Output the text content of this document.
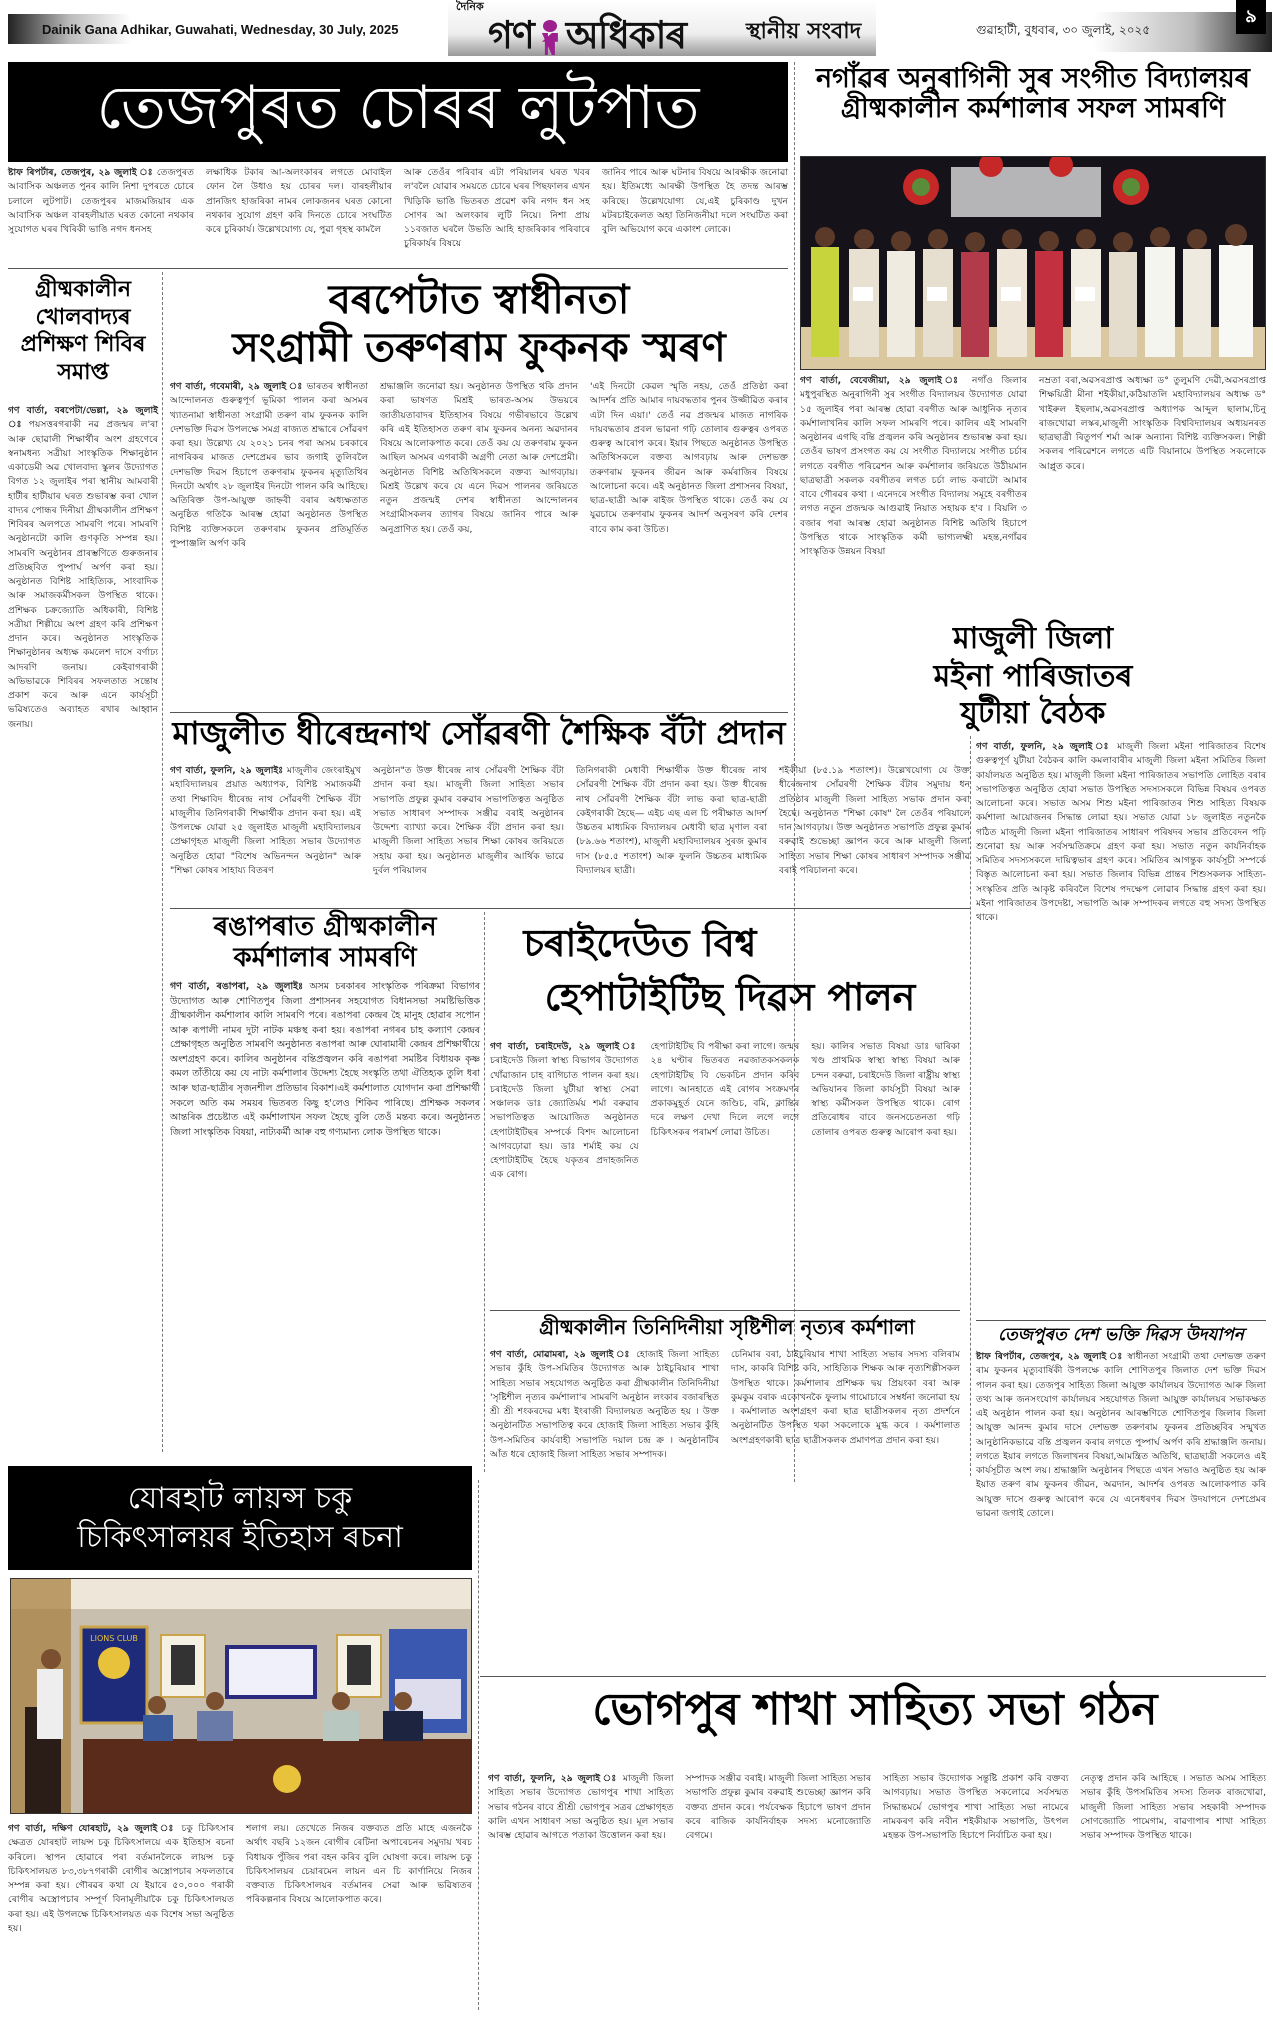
Dainik Gana Adhikar, Guwahati, Wednesday, 30 July, 2025
দৈনিক
গণ অধিকাৰ	স্থানীয় সংবাদ	গুৱাহাটী, বুধবাৰ, ৩০ জুলাই, ২০২৫
৯
তেজপুৰত চোৰৰ লুটপাত

ষ্টাফ ৰিপৰ্টাৰ, তেজপুৰ, ২৯ জুলাই ঃ তেজপুৰত আবাসিক অঞ্চলত পুনৰ কালি নিশা দুপৰতে চোৰে চলালে লুটপাট। তেজপুৰৰ মাজমজিয়াৰ এক আবাসিক অঞ্চল বাৰহলীয়াত ঘৰত কোনো নথকাৰ সুযোগত ঘৰৰ খিৰিকী ভাঙি নগদ ধনসহ

লক্ষাধিক টকাৰ আ-অলংকাৰৰ লগতে মোবাইল ফোন লৈ উধাও হয় চোৰৰ দল। বাৰহলীয়াৰ প্ৰানজিৎ হাজৰিকা নামৰ লোকজনৰ ঘৰত কোনো নথকাৰ সুযোগ গ্ৰহণ কৰি দিনতে চোৰে সংঘটিত কৰে চুৰিকাৰ্য। উল্লেখযোগ্য যে, পুৱা গৃহস্থ কামলৈ

আৰু তেওঁৰ পৰিবাৰ এটা পৰিয়ালৰ ঘৰত খবৰ ল'বলৈ যোৱাৰ সময়তে চোৰে ঘৰৰ পিছফালৰ এখন খিড়িকি ভাঙি ভিতৰত প্ৰৱেশ কৰি নগদ ধন সহ সোণৰ আ অলংকাৰ লুটি নিয়ে। নিশা প্ৰায় ১১বজাত ঘৰলৈ উভতি আহি হাজৰিকাৰ পৰিবাৰে চুৰিকাৰ্যৰ বিষয়ে

জানিব পাৰে আৰু ঘটনাৰ বিষয়ে আৰক্ষীক জনোৱা হয়। ইতিমধ্যে আৰক্ষী উপস্থিত হৈ তদন্ত আৰম্ভ কৰিছে। উল্লেখযোগ্য যে,এই চুৰিকাণ্ড দুখন মটৰচাইকেলত অহা তিনিজনীয়া দলে সংঘটিত কৰা বুলি অভিযোগ কৰে একাংশ লোকে।

নগাঁৱৰ অনুৰাগিনী সুৰ সংগীত বিদ্যালয়ৰ
গ্ৰীষ্মকালীন কৰ্মশালাৰ সফল সামৰণি

গণ বাৰ্তা, বেবেজীয়া, ২৯ জুলাই ঃ নগাঁও জিলাৰ মধুপুৰস্থিত অনুৰাগিনী সুৰ সংগীত বিদ্যালয়ৰ উদ্যোগত যোৱা ১৫ জুলাইৰ পৰা আৰম্ভ হোৱা বৰগীত আৰু আধুনিক নৃত্যৰ কৰ্মশালাখনিৰ কালি সফল সামৰণি পৰে। কালিৰ এই সামৰণি অনুষ্ঠানৰ এগছি বন্তি প্ৰজ্বলন কৰি অনুষ্ঠানৰ শুভাৰম্ভ কৰা হয়। তেওঁৰ ভাষণ প্ৰসংগত কয় যে সংগীত বিদ্যালয়ে সংগীত চৰ্চাৰ লগতে বৰগীত পৰিৱেশন আৰু কৰ্মশালাৰ জৰিয়তে উঠীয়মান ছাত্ৰছাত্ৰী সকলক বৰগীতৰ লগত চৰ্চা লাভ কৰাটো আমাৰ বাবে গৌৰৱৰ কথা । এনেদৰে সংগীত বিদ্যালয় সমূহে বৰগীতৰ লগত নতুন প্ৰজন্মক আগুৱাই নিয়াত সহায়ক হ'ব । বিয়লি ৩ বজাৰ পৰা আৰম্ভ হোৱা অনুষ্ঠানত বিশিষ্ট অতিথি হিচাপে উপস্থিত থাকে সাংস্কৃতিক কৰ্মী ভাগ্যলক্ষ্মী মহন্ত,নগাঁৱৰ সাংস্কৃতিক উন্নয়ন বিষয়া

নম্ৰতা বৰা,অৱসৰপ্ৰাপ্ত অধ্যক্ষা ড° তুলুমণি দেৱী,অৱসৰপ্ৰাপ্ত শিক্ষয়িত্ৰী মীনা শইকীয়া,কঠিয়াতলি মহাবিদ্যালয়ৰ অধ্যক্ষ ড° খাইৰুল ইছলাম,অৱসৰপ্ৰাপ্ত অধ্যাপক আব্দুল ছালাম,চিনু ৰাজখোৱা লস্কৰ,মাজুলী সাংস্কৃতিক বিশ্ববিদ্যালয়ৰ অধ্যয়নৰত ছাত্ৰছাত্ৰী ৰিতুপৰ্ণ শৰ্মা আৰু অন্যান্য বিশিষ্ট ব্যক্তিসকল। শিল্পী সকলৰ পৰিৱেশনে লগতে এটি বিয়ানামে উপস্থিত সকলোকে আপ্লুত কৰে।

গ্ৰীষ্মকালীন খোলবাদ্যৰ প্ৰশিক্ষণ শিবিৰ সমাপ্ত

গণ বাৰ্তা, বৰপেটা/ভেল্লা, ২৯ জুলাই ঃ পয়সত্তৰগৰাকী নৱ প্ৰজন্মৰ ল'ৰা আৰু ছোৱালী শিক্ষাৰ্থীৰ অংশ গ্ৰহণেৰে স্বনামধন্য সত্ৰীয়া সাংস্কৃতিক শিক্ষানুষ্ঠান একাডেমী অৱ খোলবাদ্য স্কুলৰ উদ্যোগত বিগত ১২ জুলাইৰ পৰা স্থানীয় আমবাৰী হাটীৰ হাটীয়াৰ ঘৰত শুভাৰম্ভ কৰা খোল বাদ্যৰ পোন্ধৰ দিনীয়া গ্ৰীষ্মকালীন প্ৰশিক্ষণ শিবিৰৰ অলপতে সামৰণি পৰে। সামৰণি অনুষ্ঠানটো কালি গুণকৃতি সম্পন্ন হয়। সামৰণি অনুষ্ঠানৰ প্ৰাৰম্ভণিতে গুৰুজনাৰ প্ৰতিচ্ছবিত পুষ্পাৰ্ঘ অৰ্পণ কৰা হয়। অনুষ্ঠানত বিশিষ্ট সাহিত্যিক, সাংবাদিক আৰু সমাজকৰ্মীসকল উপস্থিত থাকে। প্ৰশিক্ষক চক্ৰজ্যোতি অধিকাৰী, বিশিষ্ট সত্ৰীয়া শিল্পীয়ে অংশ গ্ৰহণ কৰি প্ৰশিক্ষণ প্ৰদান কৰে। অনুষ্ঠানত সাংস্কৃতিক শিক্ষানুষ্ঠানৰ অধ্যক্ষ কমলেশ দাসে বৰ্ণাঢ্য আদৰণি জনায়। কেইবাগৰাকী অভিভাৱকে শিবিৰৰ সফলতাত সন্তোষ প্ৰকাশ কৰে আৰু এনে কাৰ্যসূচী ভৱিষ্যতেও অব্যাহত ৰখাৰ আহ্বান জনায়।

বৰপেটাত স্বাধীনতা
সংগ্ৰামী তৰুণৰাম ফুকনক স্মৰণ

গণ বাৰ্তা, গবেমাৰী, ২৯ জুলাই ঃ ভাৰতৰ স্বাধীনতা আন্দোলনত গুৰুত্বপূৰ্ণ ভূমিকা পালন কৰা অসমৰ খ্যাতনামা স্বাধীনতা সংগ্ৰামী তৰুণ ৰাম ফুকনক কালি দেশভক্তি দিৱস উপলক্ষে সমগ্ৰ ৰাজ্যত শ্ৰদ্ধাৰে সোঁৱৰণ কৰা হয়। উল্লেখ্য যে ২০২১ চনৰ পৰা অসম চৰকাৰে নাগৰিকৰ মাজত দেশপ্ৰেমৰ ভাব জগাই তুলিবলৈ দেশভক্তি দিৱস হিচাপে তৰুণৰাম ফুকনৰ মৃত্যুতিথিৰ দিনটো অৰ্থাৎ ২৮ জুলাইৰ দিনটো পালন কৰি আহিছে। অতিৰিক্ত উপ-আয়ুক্ত জাহ্নবী বৰাৰ অধ্যক্ষতাত অনুষ্ঠিত গতিকৈ আৰম্ভ হোৱা অনুষ্ঠানত উপস্থিত বিশিষ্ট ব্যক্তিসকলে তৰুণৰাম ফুকনৰ প্ৰতিমূৰ্তিত পুষ্পাঞ্জলি অৰ্পণ কৰি

শ্ৰদ্ধাঞ্জলি জনোৱা হয়। অনুষ্ঠানত উপস্থিত থকি প্ৰদান কৰা ভাষণত মিশ্ৰই ভাৰত-অসম উভয়ৰে জাতীয়তাবাদৰ ইতিহাসৰ বিষয়ে গভীৰভাবে উল্লেখ কৰি এই ইতিহাসত তৰুণ ৰাম ফুকনৰ অনন্য অৱদানৰ বিষয়ে আলোকপাত কৰে। তেওঁ কয় যে তৰুণৰাম ফুকন আছিল অসমৰ এগৰাকী অগ্ৰণী নেতা আৰু দেশপ্ৰেমী। অনুষ্ঠানত বিশিষ্ট অতিথিসকলে বক্তব্য আগবঢ়ায়। মিশ্ৰই উল্লেখ কৰে যে এনে দিৱস পালনৰ জৰিয়তে নতুন প্ৰজন্মই দেশৰ স্বাধীনতা আন্দোলনৰ সংগ্ৰামীসকলৰ ত্যাগৰ বিষয়ে জানিব পাৰে আৰু অনুপ্ৰাণিত হয়। তেওঁ কয়,

'এই দিনটো কেৱল স্মৃতি নহয়, তেওঁ প্ৰতিষ্ঠা কৰা আদৰ্শৰ প্ৰতি আমাৰ দায়বদ্ধতাৰ পুনৰ উজ্জীৱিত কৰাৰ এটা দিন এয়া।' তেওঁ নৱ প্ৰজন্মৰ মাজত নাগৰিক দায়বদ্ধতাৰ প্ৰবল ভাৱনা গঢ়ি তোলাৰ গুৰুত্বৰ ওপৰত গুৰুত্ব আৰোপ কৰে। ইয়াৰ পিছতে অনুষ্ঠানত উপস্থিত অতিথিসকলে বক্তব্য আগবঢ়ায় আৰু দেশভক্ত তৰুণৰাম ফুকনৰ জীৱন আৰু কৰ্মৰাজিৰ বিষয়ে আলোচনা কৰে। এই অনুষ্ঠানত জিলা প্ৰশাসনৰ বিষয়া, ছাত্ৰ-ছাত্ৰী আৰু ৰাইজ উপস্থিত থাকে। তেওঁ কয় যে যুৱচামে তৰুণৰাম ফুকনৰ আদৰ্শ অনুসৰণ কৰি দেশৰ বাবে কাম কৰা উচিত।

মাজুলীত ধীৰেন্দ্ৰনাথ সোঁৱৰণী শৈক্ষিক বঁটা প্ৰদান

গণ বাৰ্তা, ফুলনি, ২৯ জুলাইঃ মাজুলীৰ জেংৰাইমুখ মহাবিদ্যালয়ৰ প্ৰয়াত অধ্যাপক, বিশিষ্ট সমাজকৰ্মী তথা শিক্ষাবিদ ধীৰেন্দ্ৰ নাথ সোঁৱৰণী শৈক্ষিক বঁটা মাজুলীৰ তিনিগৰাকী শিক্ষাৰ্থীক প্ৰদান কৰা হয়। এই উপলক্ষে যোৱা ২৫ জুলাইত মাজুলী মহাবিদ্যালয়ৰ প্ৰেক্ষাগৃহত মাজুলী জিলা সাহিত্য সভাৰ উদ্যোগত অনুষ্ঠিত হোৱা "বিশেষ অভিনন্দন অনুষ্ঠান" আৰু "শিক্ষা কোষৰ সাহায্য বিতৰণ

অনুষ্ঠান"ত উক্ত ধীৰেন্দ্ৰ নাথ সোঁৱৰণী শৈক্ষিক বঁটা প্ৰদান কৰা হয়। মাজুলী জিলা সাহিত্য সভাৰ সভাপতি প্ৰফুল্ল কুমাৰ বৰুৱাৰ সভাপতিত্বত অনুষ্ঠিত সভাত সাধাৰণ সম্পাদক সঞ্জীৱ বৰাই অনুষ্ঠানৰ উদ্দেশ্য ব্যাখ্যা কৰে। শৈক্ষিক বঁটা প্ৰদান কৰা হয়। মাজুলী জিলা সাহিত্য সভাৰ শিক্ষা কোষৰ জৰিয়তে সহায় কৰা হয়। অনুষ্ঠানত মাজুলীৰ আৰ্থিক ভাৱে দুৰ্বল পৰিয়ালৰ

তিনিগৰাকী মেধাবী শিক্ষাৰ্থীক উক্ত ধীৰেন্দ্ৰ নাথ সোঁৱৰণী শৈক্ষিক বঁটা প্ৰদান কৰা হয়। উক্ত ধীৰেন্দ্ৰ নাথ সোঁৱৰণী শৈক্ষিক বঁটা লাভ কৰা ছাত্ৰ-ছাত্ৰী কেইগৰাকী হৈছে— এইচ এছ এল চি পৰীক্ষাত আদৰ্শ উচ্চতৰ মাধ্যমিক বিদ্যালয়ৰ মেধাবী ছাত্ৰ মৃণাল বৰা (৮৯.৬৬ শতাংশ), মাজুলী মহাবিদ্যালয়ৰ সুৰজ কুমাৰ দাস (৮৫.৫ শতাংশ) আৰু ফুলনি উচ্চতৰ মাধ্যমিক বিদ্যালয়ৰ ছাত্ৰী।

শইকীয়া (৮৫.১৯ শতাংশ)। উল্লেখযোগ্য যে উক্ত ধীৰেন্দ্ৰনাথ সোঁৱৰণী শৈক্ষিক বঁটাৰ সমুদায় ধন প্ৰতিষ্ঠাৰ মাজুলী জিলা সাহিত্য সভাক প্ৰদান কৰা হৈছে। অনুষ্ঠানত "শিক্ষা কোষ" লৈ তেওঁৰ পৰিয়ালে দান আগবঢ়ায়। উক্ত অনুষ্ঠানত সভাপতি প্ৰফুল্ল কুমাৰ বৰুৱাই শুভেচ্ছা জ্ঞাপন কৰে আৰু মাজুলী জিলা সাহিত্য সভাৰ শিক্ষা কোষৰ সাধাৰণ সম্পাদক সঞ্জীৱ বৰাই পৰিচালনা কৰে।

ৰঙাপৰাত গ্ৰীষ্মকালীন
কৰ্মশালাৰ সামৰণি

গণ বাৰ্তা, ৰঙাপৰা, ২৯ জুলাইঃ অসম চৰকাৰৰ সাংস্কৃতিক পৰিক্ৰমা বিভাগৰ উদ্যোগত আৰু শোণিতপুৰ জিলা প্ৰশাসনৰ সহযোগত বিধানসভা সমষ্টিভিত্তিক গ্ৰীষ্মকালীন কৰ্মশালাৰ কালি সামৰণি পৰে। ৰঙাপৰা কেন্দ্ৰৰ হৈ মানুহ হোৱাৰ সপোন আৰু ৰূপালী নামৰ দুটা নাটক মঞ্চস্থ কৰা হয়। ৰঙাপৰা নগৰৰ চাহ কল্যাণ কেন্দ্ৰৰ প্ৰেক্ষাগৃহত অনুষ্ঠিত সামৰণি অনুষ্ঠানত ৰঙাপৰা আৰু ঘোৰামাৰী কেন্দ্ৰৰ প্ৰশিক্ষাৰ্থীয়ে অংশগ্ৰহণ কৰে। কালিৰ অনুষ্ঠানৰ বন্তিপ্ৰজ্বলন কৰি ৰঙাপৰা সমষ্টিৰ বিধায়ক কৃষ্ণ কমল তাঁতীয়ে কয় যে নাট্য কৰ্মশালাৰ উদ্দেশ্য হৈছে সংস্কৃতি তথা ঐতিহ্যক তুলি ধৰা আৰু ছাত্ৰ-ছাত্ৰীৰ সৃজনশীল প্ৰতিভাৰ বিকাশ।এই কৰ্মশালাত যোগদান কৰা প্ৰশিক্ষাৰ্থী সকলে অতি কম সময়ৰ ভিতৰত কিছু হ'লেও শিকিব পাৰিছে। প্ৰশিক্ষক সকলৰ আন্তৰিক প্ৰচেষ্টাত এই কৰ্মশালাখন সফল হৈছে বুলি তেওঁ মন্তব্য কৰে। অনুষ্ঠানত জিলা সাংস্কৃতিক বিষয়া, নাট্যকৰ্মী আৰু বহু গণ্যমান্য লোক উপস্থিত থাকে।

চৰাইদেউত বিশ্ব
হেপাটাইটিছ দিৱস পালন

গণ বাৰ্তা, চৰাইদেউ, ২৯ জুলাই ঃ চৰাইদেউ জিলা স্বাস্থ্য বিভাগৰ উদ্যোগত খোঁৱাজান চাহ বাগিচাত পালন কৰা হয়। চৰাইদেউ জিলা যুটীয়া স্বাস্থ্য সেৱা সঞ্চালক ডাঃ জ্যোতিৰ্ময় শৰ্মা বৰুৱাৰ সভাপতিত্বত আয়োজিত অনুষ্ঠানত হেপাটাইটিছৰ সম্পৰ্কে বিশদ আলোচনা আগবঢ়োৱা হয়। ডাঃ শৰ্মাই কয় যে হেপাটাইটিছ হৈছে যকৃতৰ প্ৰদাহজনিত এক ৰোগ।

হেপাটাইটিছ বি পৰীক্ষা কৰা লাগে। জন্মৰ ২৪ ঘণ্টাৰ ভিতৰত নৱজাতকসকলক হেপাটাইটিছ বি ভেকচিন প্ৰদান কৰিব লাগে। আনহাতে এই ৰোগৰ সংক্ৰমণৰ প্ৰকাকমুহূৰ্ত যেনে জণ্ডিচ, বমি, ক্লান্তিৰ দৰে লক্ষণ দেখা দিলে লগে লগে চিকিৎসকৰ পৰামৰ্শ লোৱা উচিত।

হয়। কালিৰ সভাত বিষয়া ডাঃ দ্বাৰিকা খণ্ড প্ৰাথমিক স্বাস্থ্য স্বাস্থ্য বিষয়া আৰু চন্দন বৰুৱা, চৰাইদেউ জিলা ৰাষ্ট্ৰীয় স্বাস্থ্য অভিযানৰ জিলা কাৰ্যসূচী বিষয়া আৰু স্বাস্থ্য কৰ্মীসকল উপস্থিত থাকে। ৰোগ প্ৰতিৰোধৰ বাবে জনসচেতনতা গঢ়ি তোলাৰ ওপৰত গুৰুত্ব আৰোপ কৰা হয়।

মাজুলী জিলা
মইনা পাৰিজাতৰ
যুটীয়া বৈঠক

গণ বাৰ্তা, ফুলনি, ২৯ জুলাই ঃ মাজুলী জিলা মইনা পাৰিজাতৰ বিশেষ গুৰুত্বপূৰ্ণ যুটীয়া বৈঠকৰ কালি কমলাবাৰীৰ মাজুলী জিলা মইনা সমিতিৰ জিলা কাৰ্যালয়ত অনুষ্ঠিত হয়। মাজুলী জিলা মইনা পাৰিজাতৰ সভাপতি লোহিত বৰাৰ সভাপতিত্বত অনুষ্ঠিত হোৱা সভাত উপস্থিত সদস্যসকলে বিভিন্ন বিষয়ৰ ওপৰত আলোচনা কৰে। সভাত অসম শিশু মইনা পাৰিজাতৰ শিশু সাহিত্য বিষয়ক কৰ্মশালা আয়োজনৰ সিদ্ধান্ত লোৱা হয়। সভাত যোৱা ১৮ জুলাইত নতুনকৈ গঠিত মাজুলী জিলা মইনা পাৰিজাতৰ সাধাৰণ পৰিষদৰ সভাৰ প্ৰতিবেদন পঢ়ি শুনোৱা হয় আৰু সৰ্বসন্মতিক্ৰমে গ্ৰহণ কৰা হয়। সভাত নতুন কাৰ্যনিৰ্বাহক সমিতিৰ সদস্যসকলে দায়িত্বভাৰ গ্ৰহণ কৰে। সমিতিৰ আগন্তুক কাৰ্যসূচী সম্পৰ্কে বিস্তৃত আলোচনা কৰা হয়। সভাত জিলাৰ বিভিন্ন প্ৰান্তৰ শিশুসকলক সাহিত্য-সংস্কৃতিৰ প্ৰতি আকৃষ্ট কৰিবলৈ বিশেষ পদক্ষেপ লোৱাৰ সিদ্ধান্ত গ্ৰহণ কৰা হয়। মইনা পাৰিজাতৰ উপদেষ্টা, সভাপতি আৰু সম্পাদকৰ লগতে বহু সদস্য উপস্থিত থাকে।

তেজপুৰত দেশ ভক্তি দিৱস উদযাপন

ষ্টাফ ৰিপৰ্টাৰ, তেজপুৰ, ২৯ জুলাই ঃ স্বাধীনতা সংগ্ৰামী তথা দেশভক্ত তৰুণ ৰাম ফুকনৰ মৃত্যুবাৰ্ষিকী উপলক্ষে কালি শোণিতপুৰ জিলাত দেশ ভক্তি দিৱস পালন কৰা হয়। তেজপুৰ সাহিত্য জিলা আয়ুক্ত কাৰ্যালয়ৰ উদ্যোগত আৰু জিলা তথ্য আৰু জনসংযোগ কাৰ্যালয়ৰ সহযোগত জিলা আয়ুক্ত কাৰ্যালয়ৰ সভাকক্ষত এই অনুষ্ঠান পালন কৰা হয়। অনুষ্ঠানৰ আৰম্ভণিতে শোণিতপুৰ জিলাৰ জিলা আয়ুক্ত আনন্দ কুমাৰ দাসে দেশভক্ত তৰুণৰাম ফুকনৰ প্ৰতিচ্ছবিৰ সন্মুখত আনুষ্ঠানিকভাৱে বন্তি প্ৰজ্বলন কৰাৰ লগতে পুষ্পাৰ্ঘ অৰ্পণ কৰি শ্ৰদ্ধাঞ্জলি জনায়। লগতে ইয়াৰ লগতে জিলাখনৰ বিষয়া,আমন্ত্ৰিত অতিথি, ছাত্ৰছাত্ৰী সকলেও এই কাৰ্যসূচীত অংশ লয়। শ্ৰদ্ধাঞ্জলি অনুষ্ঠানৰ পিছতে এখন সভাও অনুষ্ঠিত হয় আৰু ইয়াত তৰুণ ৰাম ফুকনৰ জীৱন, অৱদান, আদৰ্শৰ ওপৰত আলোকপাত কৰি আয়ুক্ত দাসে গুৰুত্ব আৰোপ কৰে যে এনেধৰণৰ দিৱস উদযাপনে দেশপ্ৰেমৰ ভাৱনা জগাই তোলে।

গ্ৰীষ্মকালীন তিনিদিনীয়া সৃষ্টিশীল নৃত্যৰ কৰ্মশালা

গণ বাৰ্তা, মোৱামৰা, ২৯ জুলাই ঃ হোজাই জিলা সাহিত্য সভাৰ কুঁহি উপ-সমিতিৰ উদ্যোগত আৰু ঠাইচুৰিয়াৰ শাখা সাহিত্য সভাৰ সহযোগত অনুষ্ঠিত কৰা গ্ৰীষ্মকালীন তিনিদিনীয়া 'সৃষ্টিশীল নৃত্যৰ কৰ্মশালা'ৰ সামৰণি অনুষ্ঠান লংকাৰ বজাৰস্থিত শ্ৰী শ্ৰী শংকৰদেৱ মধ্য ইংৰাজী বিদ্যালয়ত অনুষ্ঠিত হয় । উক্ত অনুষ্ঠানটিত সভাপতিত্ব কৰে হোজাই জিলা সাহিত্য সভাৰ কুঁহি উপ-সমিতিৰ কাৰ্যবাহী সভাপতি দয়াল চন্দ্ৰ ক্ৰ । অনুষ্ঠানটিৰ আঁত ধৰে হোজাই জিলা সাহিত্য সভাৰ সম্পাদক।

চেনিমাৰ বৰা, ঠাইচুৰিয়াৰ শাখা সাহিত্য সভাৰ সদস্য বলিৰাম দাস, কাকৰি বিশিষ্ট কবি, সাহিত্যিক শিক্ষক আৰু নৃত্যশিল্পীসকল উপস্থিত থাকে। কৰ্মশালাৰ প্ৰশিক্ষক দ্বয় প্ৰিয়ংকা বৰা আৰু কুমকুম বৰাক একোখনকৈ ফুলাম গামোচাৰে সম্বৰ্ধনা জনোৱা হয় । কৰ্মশালাত অংশগ্ৰহণ কৰা ছাত্ৰ ছাত্ৰীসকলৰ নৃত্য প্ৰদৰ্শনে অনুষ্ঠানটিত উপস্থিত থকা সকলোকে মুগ্ধ কৰে । কৰ্মশালাত অংশগ্ৰহণকাৰী ছাত্ৰ ছাত্ৰীসকলক প্ৰমাণপত্ৰ প্ৰদান কৰা হয়।

যোৰহাট লায়ন্স চকু
চিকিৎসালয়ৰ ইতিহাস ৰচনা
LIONS CLUB

গণ বাৰ্তা, দক্ষিণ যোৰহাট, ২৯ জুলাই ঃ চকু চিকিৎসাৰ ক্ষেত্ৰত যোৰহাট লায়ন্স চকু চিকিৎসালয়ে এক ইতিহাস ৰচনা কৰিলে। স্থাপন হোৱাৰে পৰা বৰ্তমানলৈকে লায়ন্স চকু চিকিৎসালয়ত ৮৩,৩৮৭গৰাকী ৰোগীৰ অস্ত্ৰোপচাৰ সফলতাৰে সম্পন্ন কৰা হয়। গৌৰৱৰ কথা যে ইয়াৰে ৫০,০০০ গৰাকী ৰোগীৰ অস্ত্ৰোপচাৰ সম্পূৰ্ণ বিনামূলীয়াকৈ চকু চিকিৎসালয়ত কৰা হয়। এই উপলক্ষে চিকিৎসালয়ত এক বিশেষ সভা অনুষ্ঠিত হয়।

শলাগ লয়। তেখেতে নিজৰ বক্তব্যত প্ৰতি মাহে এজনকৈ অৰ্থাৎ বছৰি ১২জন ৰোগীৰ ৰেটিনা অপাৰেচনৰ সমুদায় খৰচ বিধায়ক পুঁজিৰ পৰা বহন কৰিব বুলি ঘোষণা কৰে। লায়ন্স চকু চিকিৎসালয়ৰ চেয়াৰমেন লায়ন এন চি কাৰ্ণানিয়ে নিজৰ বক্তব্যত চিকিৎসালয়ৰ বৰ্তমানৰ সেৱা আৰু ভৱিষ্যতৰ পৰিকল্পনাৰ বিষয়ে আলোকপাত কৰে।

ভোগপুৰ শাখা সাহিত্য সভা গঠন

গণ বাৰ্তা, ফুলনি, ২৯ জুলাই ঃ মাজুলী জিলা সাহিত্য সভাৰ উদ্যোগত ভোগপুৰ শাখা সাহিত্য সভাৰ গঠনৰ বাবে শ্ৰীশ্ৰী ভোগপুৰ সত্ৰৰ প্ৰেক্ষাগৃহত কালি এখন সাধাৰণ সভা অনুষ্ঠিত হয়। মূল সভাৰ আৰম্ভ হোৱাৰ আগতে পতাকা উত্তোলন কৰা হয়।

সম্পাদক সঞ্জীৱ বৰাই। মাজুলী জিলা সাহিত্য সভাৰ সভাপতি প্ৰফুল্ল কুমাৰ বৰুৱাই শুভেচ্ছা জ্ঞাপন কৰি বক্তব্য প্ৰদান কৰে। পৰ্যবেক্ষক হিচাপে ভাষণ প্ৰদান কৰে ৰাজিক কাৰ্যনিৰ্বাহক সদস্য মনোজ্যোতি বেগমে।

সাহিত্য সভাৰ উদ্যোগক সন্তুষ্টি প্ৰকাশ কৰি বক্তব্য আগবঢ়ায়। সভাত উপস্থিত সকলোৱে সৰ্বসন্মত সিদ্ধান্তমৰ্মে ভোগপুৰ শাখা সাহিত্য সভা নামেৰে নামকৰণ কৰি নবীন শইকীয়াক সভাপতি, উৎপল মহন্তক উপ-সভাপতি হিচাপে নিৰ্বাচিত কৰা হয়।

নেতৃত্ব প্ৰদান কৰি আহিছে । সভাত অসম সাহিত্য সভাৰ কুঁহি উপসমিতিৰ সদস্য তিলক ৰাজখোৱা, মাজুলী জিলা সাহিত্য সভাৰ সহকাৰী সম্পাদক সোণজ্যোতি পামেগাম, ৰাৱণাপাৰ শাখা সাহিত্য সভাৰ সম্পাদক উপস্থিত থাকে।
